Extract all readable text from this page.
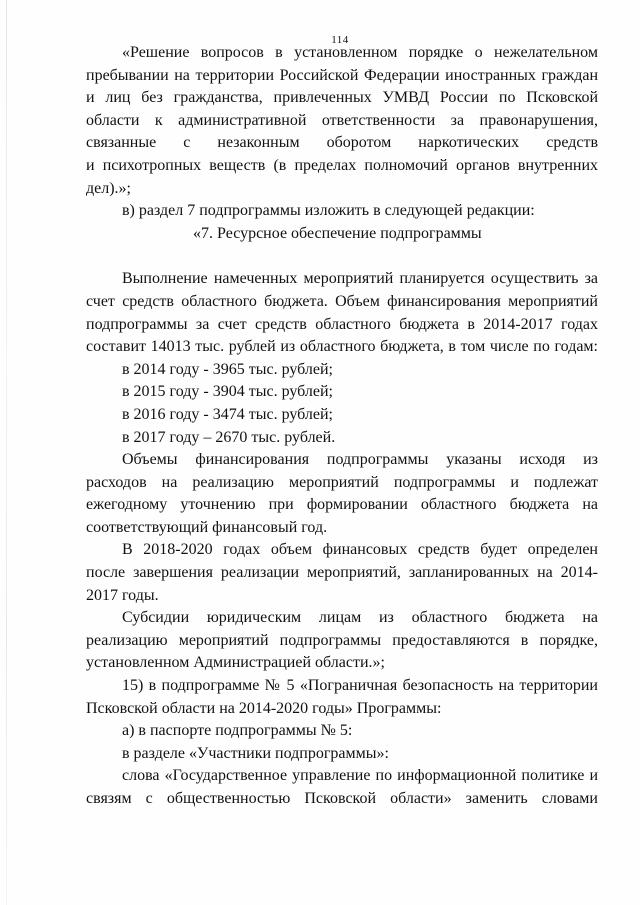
114
«Решение вопросов в установленном порядке о нежелательном
пребывании на территории Российской Федерации иностранных граждан
и лиц без гражданства, привлеченных УМВД России по Псковской
области к административной ответственности за правонарушения,
связанные с незаконным оборотом наркотических средств
и психотропных веществ (в пределах полномочий органов внутренних
дел).»;
в) раздел 7 подпрограммы изложить в следующей редакции:
«7. Ресурсное обеспечение подпрограммы
Выполнение намеченных мероприятий планируется осуществить за
счет средств областного бюджета. Объем финансирования мероприятий
подпрограммы за счет средств областного бюджета в 2014-2017 годах
составит 14013 тыс. рублей из областного бюджета, в том числе по годам:
в 2014 году - 3965 тыс. рублей;
в 2015 году - 3904 тыс. рублей;
в 2016 году - 3474 тыс. рублей;
в 2017 году – 2670 тыс. рублей.
Объемы финансирования подпрограммы указаны исходя из
расходов на реализацию мероприятий подпрограммы и подлежат
ежегодному уточнению при формировании областного бюджета на
соответствующий финансовый год.
В 2018-2020 годах объем финансовых средств будет определен
после завершения реализации мероприятий, запланированных на 2014-
2017 годы.
Субсидии юридическим лицам из областного бюджета на
реализацию мероприятий подпрограммы предоставляются в порядке,
установленном Администрацией области.»;
15) в подпрограмме № 5 «Пограничная безопасность на территории
Псковской области на 2014-2020 годы» Программы:
а) в паспорте подпрограммы № 5:
в разделе «Участники подпрограммы»:
слова «Государственное управление по информационной политике и
связям с общественностью Псковской области» заменить словами
